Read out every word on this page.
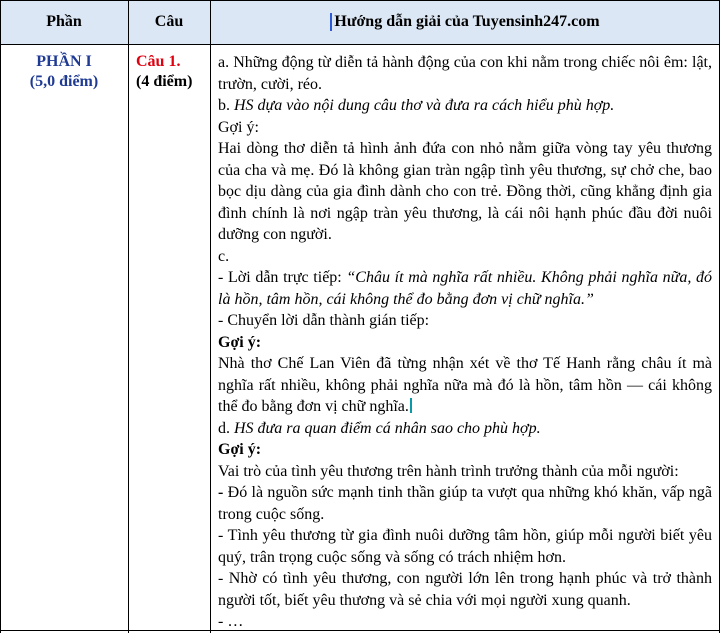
Phần	Câu	Hướng dẫn giải của Tuyensinh247.com
PHẦN I
(5,0 điểm)
Câu 1.
(4 điểm)

a. Những động từ diễn tả hành động của con khi nằm trong chiếc nôi êm: lật, trườn, cười, réo.

b. HS dựa vào nội dung câu thơ và đưa ra cách hiểu phù hợp.

Gợi ý:

Hai dòng thơ diễn tả hình ảnh đứa con nhỏ nằm giữa vòng tay yêu thương của cha và mẹ. Đó là không gian tràn ngập tình yêu thương, sự chở che, bao bọc dịu dàng của gia đình dành cho con trẻ. Đồng thời, cũng khẳng định gia đình chính là nơi ngập tràn yêu thương, là cái nôi hạnh phúc đầu đời nuôi dưỡng con người.

c.

- Lời dẫn trực tiếp: “Châu ít mà nghĩa rất nhiều. Không phải nghĩa nữa, đó là hồn, tâm hồn, cái không thể đo bằng đơn vị chữ nghĩa.”

- Chuyển lời dẫn thành gián tiếp:

Gợi ý:

Nhà thơ Chế Lan Viên đã từng nhận xét về thơ Tế Hanh rằng châu ít mà nghĩa rất nhiều, không phải nghĩa nữa mà đó là hồn, tâm hồn — cái không thể đo bằng đơn vị chữ nghĩa.

d. HS đưa ra quan điểm cá nhân sao cho phù hợp.

Gợi ý:

Vai trò của tình yêu thương trên hành trình trưởng thành của mỗi người:

- Đó là nguồn sức mạnh tinh thần giúp ta vượt qua những khó khăn, vấp ngã trong cuộc sống.

- Tình yêu thương từ gia đình nuôi dưỡng tâm hồn, giúp mỗi người biết yêu quý, trân trọng cuộc sống và sống có trách nhiệm hơn.

- Nhờ có tình yêu thương, con người lớn lên trong hạnh phúc và trở thành người tốt, biết yêu thương và sẻ chia với mọi người xung quanh.

- …
